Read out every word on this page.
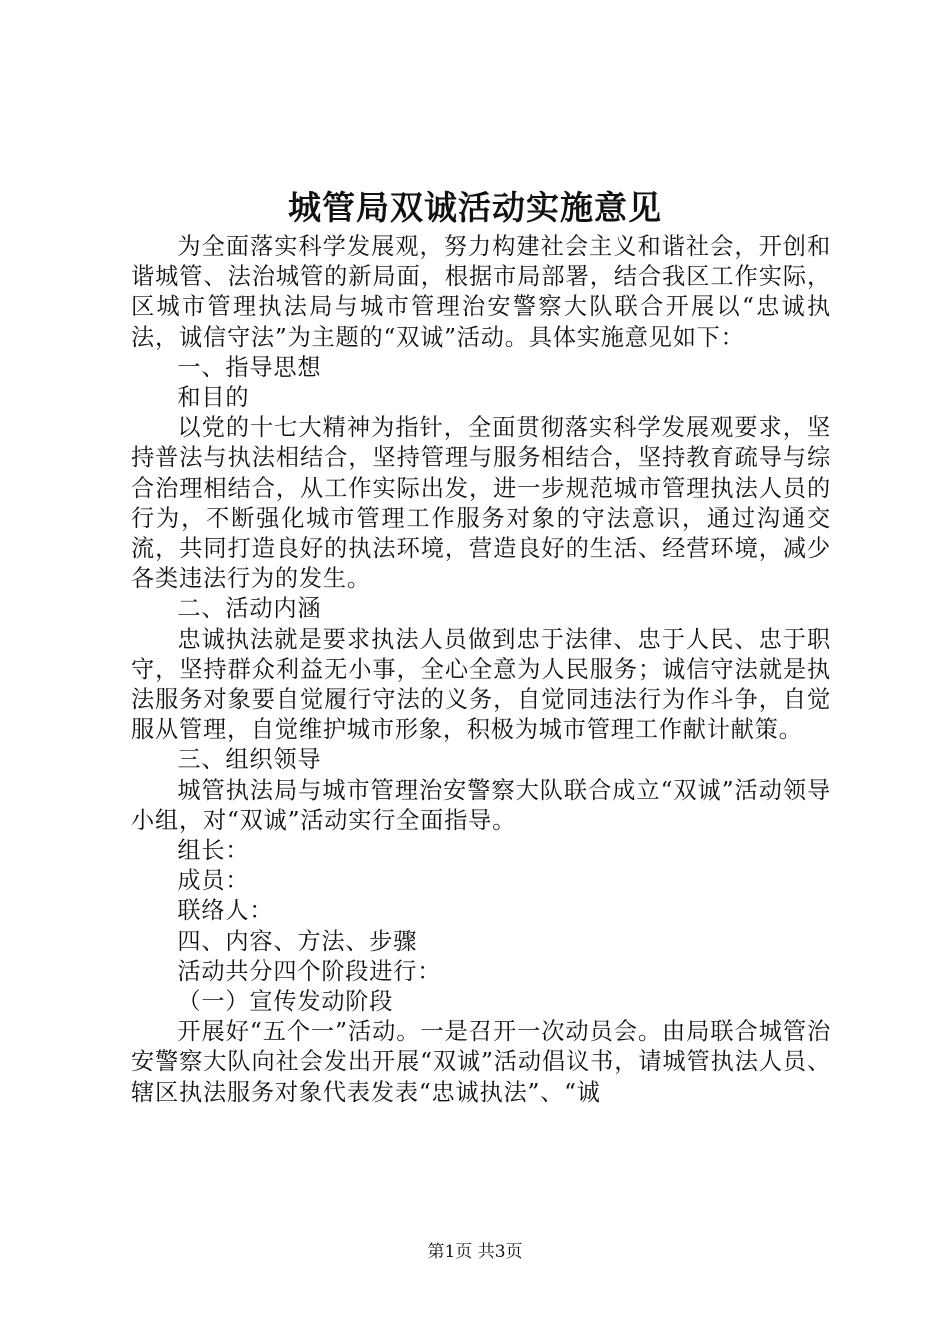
城管局双诚活动实施意见

为全面落实科学发展观，努力构建社会主义和谐社会，开创和谐城管、法治城管的新局面，根据市局部署，结合我区工作实际，区城市管理执法局与城市管理治安警察大队联合开展以“忠诚执法，诚信守法”为主题的“双诚”活动。具体实施意见如下：

一、指导思想

和目的

以党的十七大精神为指针，全面贯彻落实科学发展观要求，坚持普法与执法相结合，坚持管理与服务相结合，坚持教育疏导与综合治理相结合，从工作实际出发，进一步规范城市管理执法人员的行为，不断强化城市管理工作服务对象的守法意识，通过沟通交流，共同打造良好的执法环境，营造良好的生活、经营环境，减少各类违法行为的发生。

二、活动内涵

忠诚执法就是要求执法人员做到忠于法律、忠于人民、忠于职守，坚持群众利益无小事，全心全意为人民服务；诚信守法就是执法服务对象要自觉履行守法的义务，自觉同违法行为作斗争，自觉服从管理，自觉维护城市形象，积极为城市管理工作献计献策。

三、组织领导

城管执法局与城市管理治安警察大队联合成立“双诚”活动领导小组，对“双诚”活动实行全面指导。

组长：

成员：

联络人：

四、内容、方法、步骤

活动共分四个阶段进行：

（一）宣传发动阶段

开展好“五个一”活动。一是召开一次动员会。由局联合城管治安警察大队向社会发出开展“双诚”活动倡议书，请城管执法人员、辖区执法服务对象代表发表“忠诚执法”、“诚

第1页 共3页
